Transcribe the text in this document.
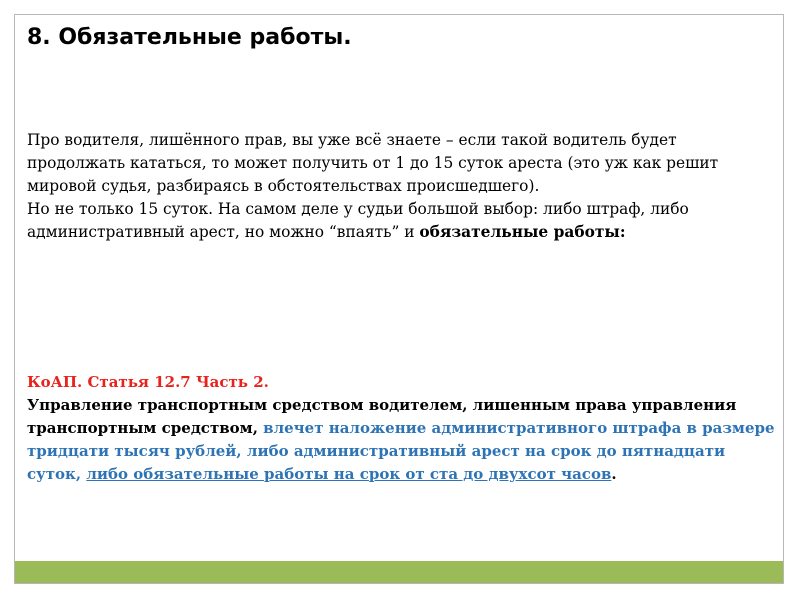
8. Обязательные работы.

Про водителя, лишённого прав, вы уже всё знаете – если такой водитель будет продолжать кататься, то может получить от 1 до 15 суток ареста (это уж как решит мировой судья, разбираясь в обстоятельствах происшедшего).

Но не только 15 суток. На самом деле у судьи большой выбор: либо штраф, либо административный арест, но можно “впаять” и обязательные работы:

КоАП. Статья 12.7 Часть 2.

Управление транспортным средством водителем, лишенным права управления транспортным средством, влечет наложение административного штрафа в размере тридцати тысяч рублей, либо административный арест на срок до пятнадцати суток, либо обязательные работы на срок от ста до двухсот часов.
